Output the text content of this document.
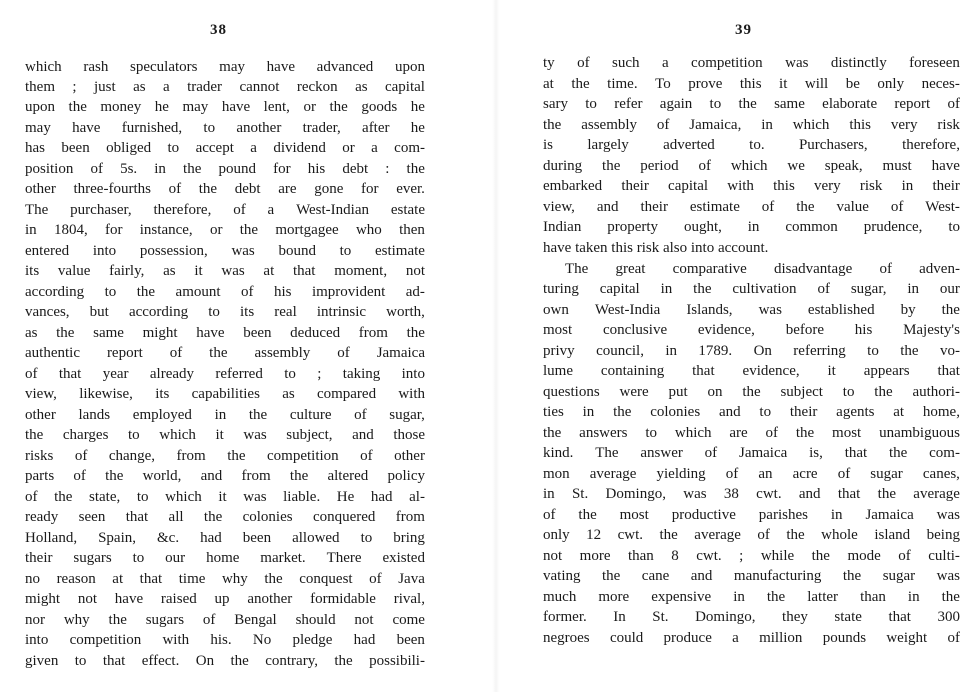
38
which rash speculators may have advanced upon
them ; just as a trader cannot reckon as capital
upon the money he may have lent, or the goods he
may have furnished, to another trader, after he
has been obliged to accept a dividend or a com-
position of 5s. in the pound for his debt : the
other three-fourths of the debt are gone for ever.
The purchaser, therefore, of a West-Indian estate
in 1804, for instance, or the mortgagee who then
entered into possession, was bound to estimate
its value fairly, as it was at that moment, not
according to the amount of his improvident ad-
vances, but according to its real intrinsic worth,
as the same might have been deduced from the
authentic report of the assembly of Jamaica
of that year already referred to ; taking into
view, likewise, its capabilities as compared with
other lands employed in the culture of sugar,
the charges to which it was subject, and those
risks of change, from the competition of other
parts of the world, and from the altered policy
of the state, to which it was liable. He had al-
ready seen that all the colonies conquered from
Holland, Spain, &c. had been allowed to bring
their sugars to our home market. There existed
no reason at that time why the conquest of Java
might not have raised up another formidable rival,
nor why the sugars of Bengal should not come
into competition with his. No pledge had been
given to that effect. On the contrary, the possibili-
39
ty of such a competition was distinctly foreseen
at the time. To prove this it will be only neces-
sary to refer again to the same elaborate report of
the assembly of Jamaica, in which this very risk
is largely adverted to. Purchasers, therefore,
during the period of which we speak, must have
embarked their capital with this very risk in their
view, and their estimate of the value of West-
Indian property ought, in common prudence, to
have taken this risk also into account.
The great comparative disadvantage of adven-
turing capital in the cultivation of sugar, in our
own West-India Islands, was established by the
most conclusive evidence, before his Majesty's
privy council, in 1789. On referring to the vo-
lume containing that evidence, it appears that
questions were put on the subject to the authori-
ties in the colonies and to their agents at home,
the answers to which are of the most unambiguous
kind. The answer of Jamaica is, that the com-
mon average yielding of an acre of sugar canes,
in St. Domingo, was 38 cwt. and that the average
of the most productive parishes in Jamaica was
only 12 cwt. the average of the whole island being
not more than 8 cwt. ; while the mode of culti-
vating the cane and manufacturing the sugar was
much more expensive in the latter than in the
former. In St. Domingo, they state that 300
negroes could produce a million pounds weight of
